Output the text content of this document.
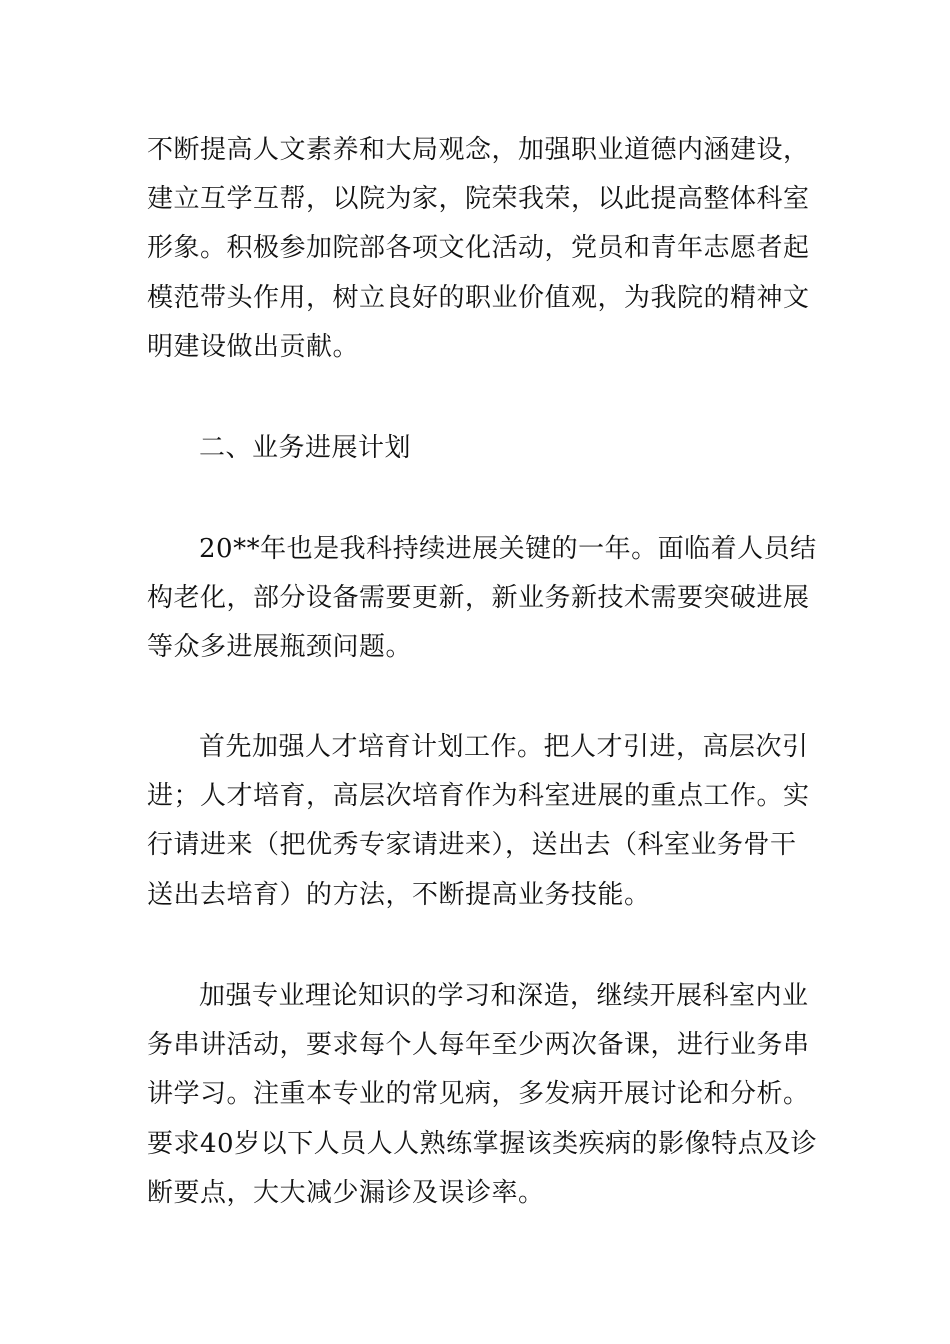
不断提高人文素养和大局观念，加强职业道德内涵建设，
建立互学互帮，以院为家，院荣我荣，以此提高整体科室
形象。积极参加院部各项文化活动，党员和青年志愿者起
模范带头作用，树立良好的职业价值观，为我院的精神文
明建设做出贡献。
二、业务进展计划
20**年也是我科持续进展关键的一年。面临着人员结
构老化，部分设备需要更新，新业务新技术需要突破进展
等众多进展瓶颈问题。
首先加强人才培育计划工作。把人才引进，高层次引
进；人才培育，高层次培育作为科室进展的重点工作。实
行请进来（把优秀专家请进来），送出去（科室业务骨干
送出去培育）的方法，不断提高业务技能。
加强专业理论知识的学习和深造，继续开展科室内业
务串讲活动，要求每个人每年至少两次备课，进行业务串
讲学习。注重本专业的常见病，多发病开展讨论和分析。
要求40岁以下人员人人熟练掌握该类疾病的影像特点及诊
断要点，大大减少漏诊及误诊率。
